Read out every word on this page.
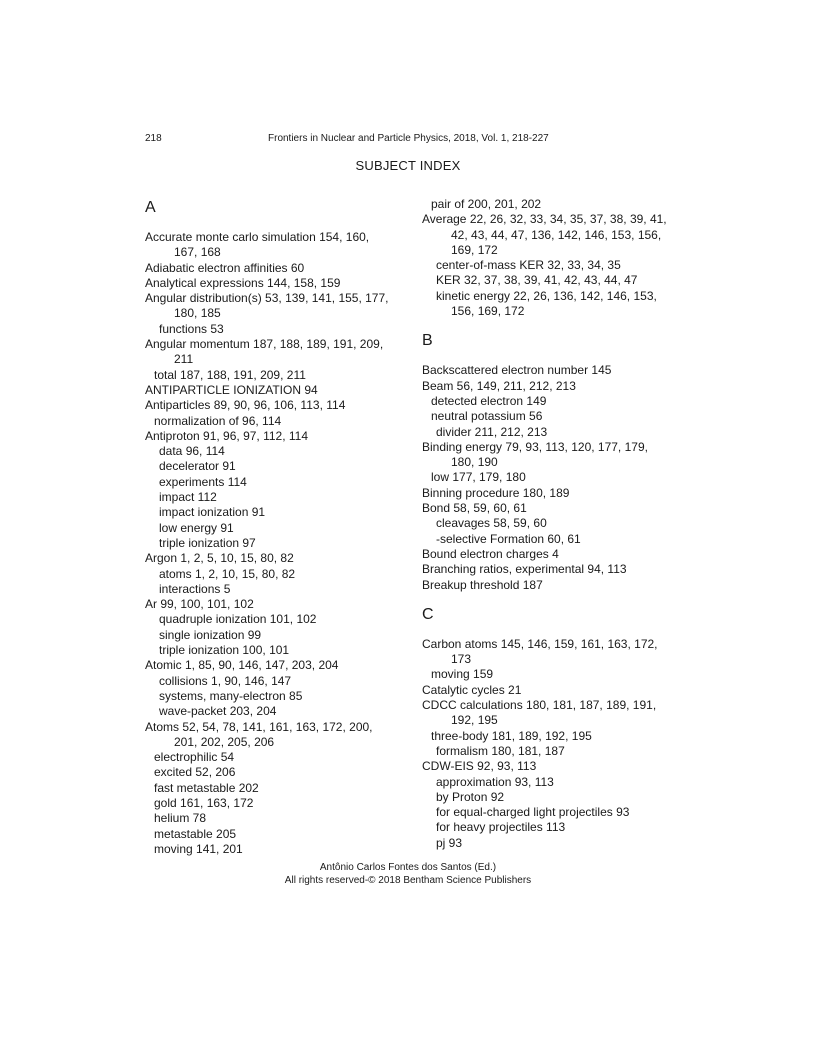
218	Frontiers in Nuclear and Particle Physics, 2018, Vol. 1, 218-227
SUBJECT INDEX
A
Accurate monte carlo simulation 154, 160,
167, 168
Adiabatic electron affinities 60
Analytical expressions 144, 158, 159
Angular distribution(s) 53, 139, 141, 155, 177,
180, 185
functions 53
Angular momentum 187, 188, 189, 191, 209,
211
total 187, 188, 191, 209, 211
ANTIPARTICLE IONIZATION 94
Antiparticles 89, 90, 96, 106, 113, 114
normalization of 96, 114
Antiproton 91, 96, 97, 112, 114
data 96, 114
decelerator 91
experiments 114
impact 112
impact ionization 91
low energy 91
triple ionization 97
Argon 1, 2, 5, 10, 15, 80, 82
atoms 1, 2, 10, 15, 80, 82
interactions 5
Ar 99, 100, 101, 102
quadruple ionization 101, 102
single ionization 99
triple ionization 100, 101
Atomic 1, 85, 90, 146, 147, 203, 204
collisions 1, 90, 146, 147
systems, many-electron 85
wave-packet 203, 204
Atoms 52, 54, 78, 141, 161, 163, 172, 200,
201, 202, 205, 206
electrophilic 54
excited 52, 206
fast metastable 202
gold 161, 163, 172
helium 78
metastable 205
moving 141, 201
pair of 200, 201, 202
Average 22, 26, 32, 33, 34, 35, 37, 38, 39, 41,
42, 43, 44, 47, 136, 142, 146, 153, 156,
169, 172
center-of-mass KER 32, 33, 34, 35
KER 32, 37, 38, 39, 41, 42, 43, 44, 47
kinetic energy 22, 26, 136, 142, 146, 153,
156, 169, 172
B
Backscattered electron number 145
Beam 56, 149, 211, 212, 213
detected electron 149
neutral potassium 56
divider 211, 212, 213
Binding energy 79, 93, 113, 120, 177, 179,
180, 190
low 177, 179, 180
Binning procedure 180, 189
Bond 58, 59, 60, 61
cleavages 58, 59, 60
-selective Formation 60, 61
Bound electron charges 4
Branching ratios, experimental 94, 113
Breakup threshold 187
C
Carbon atoms 145, 146, 159, 161, 163, 172,
173
moving 159
Catalytic cycles 21
CDCC calculations 180, 181, 187, 189, 191,
192, 195
three-body 181, 189, 192, 195
formalism 180, 181, 187
CDW-EIS 92, 93, 113
approximation 93, 113
by Proton 92
for equal-charged light projectiles 93
for heavy projectiles 113
pj 93
Antônio Carlos Fontes dos Santos (Ed.)
All rights reserved-© 2018 Bentham Science Publishers
